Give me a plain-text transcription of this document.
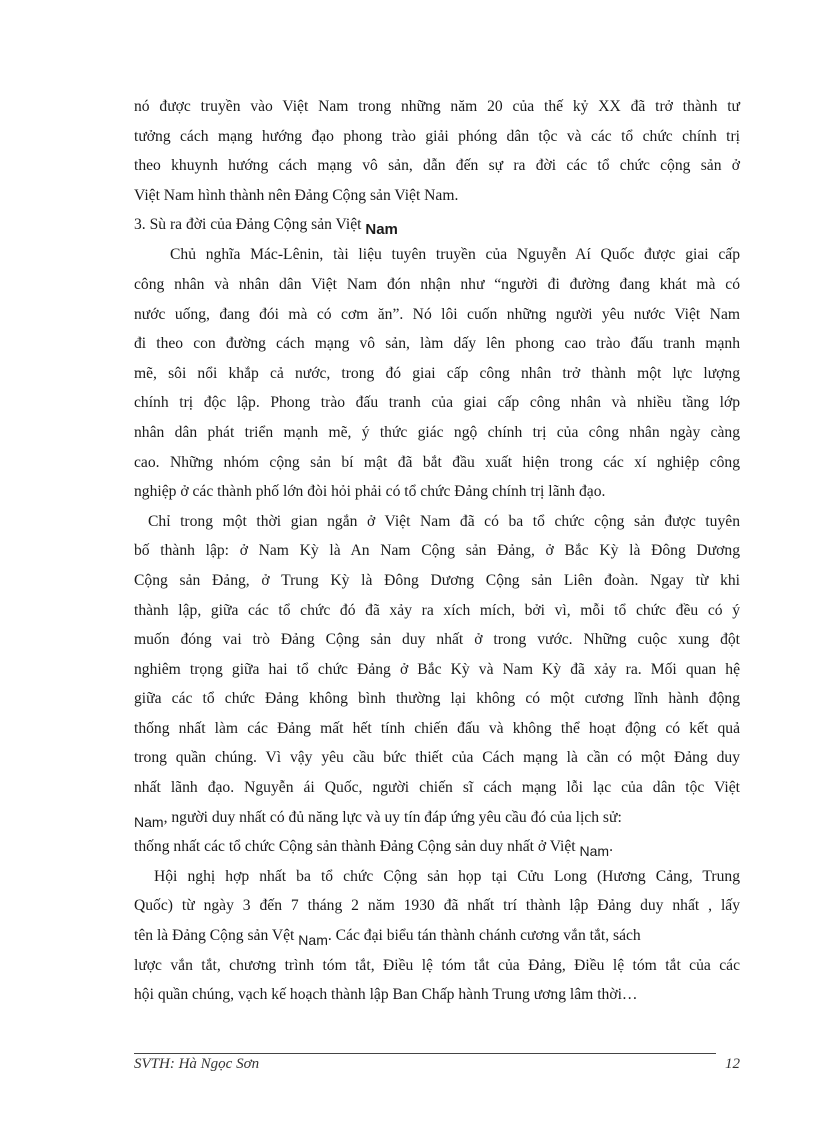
nó được truyền vào Việt Nam trong những năm 20 của thế kỷ XX đã trở thành tư
tưởng cách mạng hướng đạo phong trào giải phóng dân tộc và các tổ chức chính trị
theo khuynh hướng cách mạng vô sản, dẫn đến sự ra đời các tổ chức cộng sản ở
Việt Nam hình thành nên Đảng Cộng sản Việt Nam.
3. Sù ra đời của Đảng Cộng sản Việt Nam
Chủ nghĩa Mác-Lênin, tài liệu tuyên truyền của Nguyễn Aí Quốc được giai cấp
công nhân và nhân dân Việt Nam đón nhận như “người đi đường đang khát mà có
nước uống, đang đói mà có cơm ăn”. Nó lôi cuốn những người yêu nước Việt Nam
đi theo con đường cách mạng vô sản, làm dấy lên phong cao trào đấu tranh mạnh
mẽ, sôi nổi khắp cả nước, trong đó giai cấp công nhân trở thành một lực lượng
chính trị độc lập. Phong trào đấu tranh của giai cấp công nhân và nhiều tầng lớp
nhân dân phát triển mạnh mẽ, ý thức giác ngộ chính trị của công nhân ngày càng
cao. Những nhóm cộng sản bí mật đã bắt đầu xuất hiện trong các xí nghiệp công
nghiệp ở các thành phố lớn đòi hỏi phải có tổ chức Đảng chính trị lãnh đạo.
Chỉ trong một thời gian ngắn ở Việt Nam đã có ba tổ chức cộng sản được tuyên
bố thành lập: ở Nam Kỳ là An Nam Cộng sản Đảng, ở Bắc Kỳ là Đông Dương
Cộng sản Đảng, ở Trung Kỳ là Đông Dương Cộng sản Liên đoàn. Ngay từ khi
thành lập, giữa các tổ chức đó đã xảy ra xích mích, bởi vì, mỗi tổ chức đều có ý
muốn đóng vai trò Đảng Cộng sản duy nhất ở trong vước. Những cuộc xung đột
nghiêm trọng giữa hai tổ chức Đảng ở Bắc Kỳ và Nam Kỳ đã xảy ra. Mối quan hệ
giữa các tổ chức Đảng không bình thường lại không có một cương lĩnh hành động
thống nhất làm các Đảng mất hết tính chiến đấu và không thể hoạt động có kết quả
trong quần chúng. Vì vậy yêu cầu bức thiết của Cách mạng là cần có một Đảng duy
nhất lãnh đạo. Nguyễn ái Quốc, người chiến sĩ cách mạng lỗi lạc của dân tộc Việt
Nam, người duy nhất có đủ năng lực và uy tín đáp ứng yêu cầu đó của lịch sử:
thống nhất các tổ chức Cộng sản thành Đảng Cộng sản duy nhất ở Việt Nam.
Hội nghị hợp nhất ba tổ chức Cộng sản họp tại Cửu Long (Hương Cảng, Trung
Quốc) từ ngày 3 đến 7 tháng 2 năm 1930 đã nhất trí thành lập Đảng duy nhất , lấy
tên là Đảng Cộng sản Vệt Nam. Các đại biểu tán thành chánh cương vắn tắt, sách
lược vắn tắt, chương trình tóm tắt, Điều lệ tóm tắt của Đảng, Điều lệ tóm tắt của các
hội quần chúng, vạch kế hoạch thành lập Ban Chấp hành Trung ương lâm thời…
SVTH: Hà Ngọc Sơn	12
